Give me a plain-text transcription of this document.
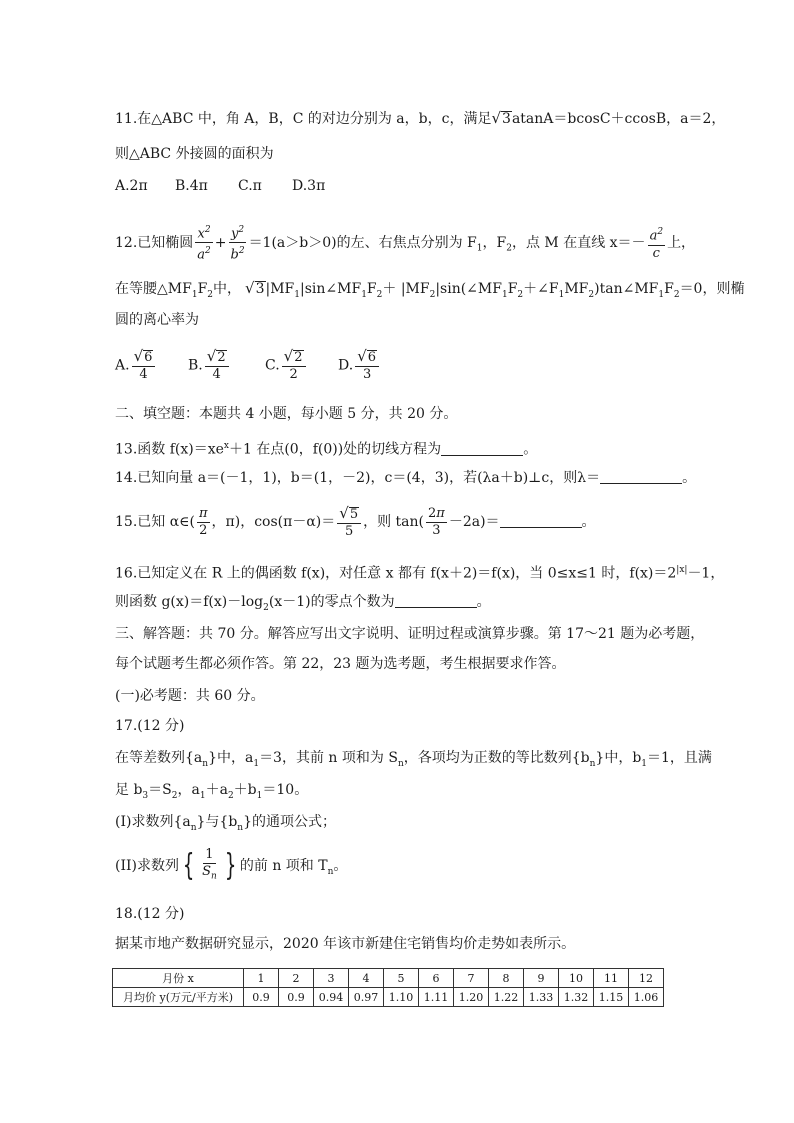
11.在△ABC 中，角 A，B，C 的对边分别为 a，b，c，满足√3atanA＝bcosC＋ccosB，a＝2，
则△ABC 外接圆的面积为
A.2π B.4π C.π D.3π
12.已知椭圆 $\frac{x^2}{a^2} + \frac{y^2}{b^2} =1(a>b>0)$的左、右焦点分别为 $F_1$，$F_2$，点 M 在直线 $x=- \frac{a^2}{c}$ 上，
在等腰$\triangle MF_1F_2$中， $√3|MF_1|\sin\angle MF_1F_2+$ $|MF_2|\sin(\angle MF_1F_2+\angle F_1MF_2)\tan\angle MF_1F_2=0$，则椭
圆的离心率为
A. $\frac{√6}{4} B$. $\frac{√2}{4}$	C. $\frac{√2}{2} D$. $\frac{√6}{3}$
二、填空题：本题共 4 小题，每小题 5 分，共 20 分。
13.函数 $f(x)=xe^x+1$ 在点(0，f(0))处的切线方程为	。
14.已知向量 a＝(－1，1)，b＝(1，－2)，c＝(4，3)，若(λa＋b)⊥c，则λ＝	。
15.已知 α∈( $\frac{\pi}{2}$ ，π)，$\cos(\pi-\alpha)= \frac{√5}{5}$ ，则 $\tan( \frac{2\pi}{3} -2a)=$	。
16.已知定义在 R 上的偶函数 f(x)，对任意 x 都有 f(x＋2)＝f(x)，当 0≤x≤1 时，$f(x)=2^{|x|}-1$，
则函数 $g(x)=f(x)-\log_2(x-1)$的零点个数为	。
三、解答题：共 70 分。解答应写出文字说明、证明过程或演算步骤。第 17～21 题为必考题，
每个试题考生都必须作答。第 22，23 题为选考题，考生根据要求作答。
(一)必考题：共 60 分。
17.(12 分)
在等差数列$\{a_n\}$中，$a_1=3$，其前 n 项和为 $S_n$，各项均为正数的等比数列$\{b_n\}$中，$b_1=1$，且满
足 $b_3=S_2$，$a_1+a_2+b_1=10$。
(I)求数列$\{a_n\}$与$\{b_n\}$的通项公式；
(II)求数列 { $\frac{1}{S_n}$ } 的前 n 项和 $T_n$。
18.(12 分)
据某市地产数据研究显示，2020 年该市新建住宅销售均价走势如表所示。
月份 x	1	2	3	4	5	6	7	8	9	10	11	12
月均价 y(万元/平方米)	0.9	0.9	0.94	0.97	1.10	1.11	1.20	1.22	1.33	1.32	1.15	1.06
